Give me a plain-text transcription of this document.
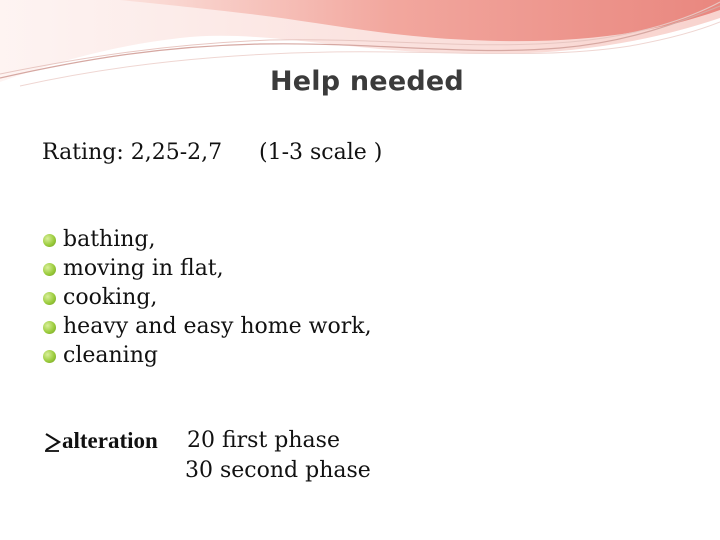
Help needed
Rating: 2,25-2,7 (1-3 scale )
bathing,
moving in flat,
cooking,
heavy and easy home work,
cleaning
alteration 20 first phase
30 second phase
